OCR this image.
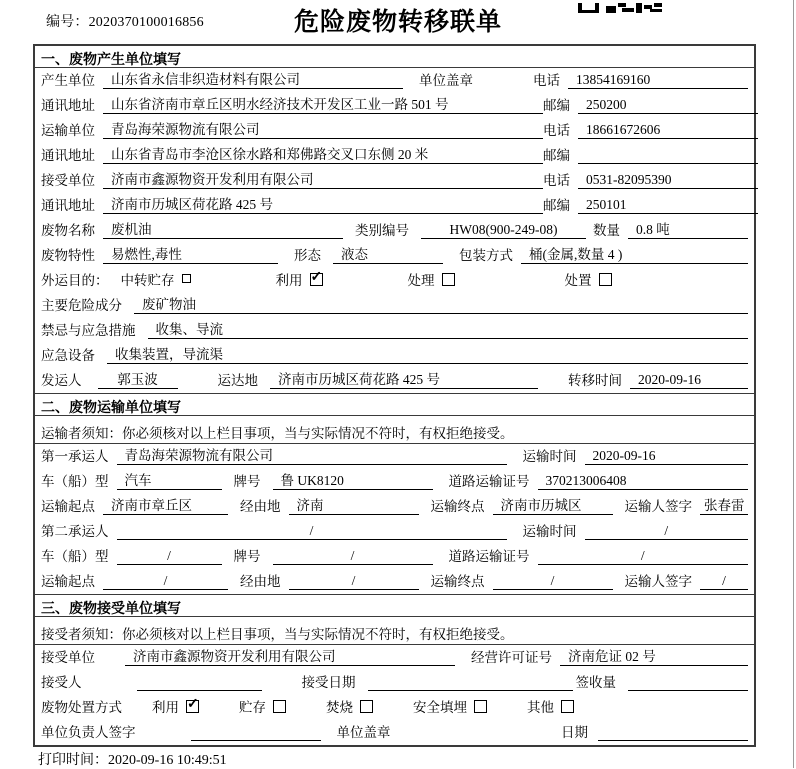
编号：2020370100016856	危险废物转移联单
一、废物产生单位填写
产生单位	山东省永信非织造材料有限公司	单位盖章	电话	13854169160
通讯地址	山东省济南市章丘区明水经济技术开发区工业一路 501 号	邮编	250200
运输单位	青岛海荣源物流有限公司	电话	18661672606
通讯地址	山东省青岛市李沧区徐水路和郑佛路交叉口东侧 20 米	邮编
接受单位	济南市鑫源物资开发利用有限公司	电话	0531-82095390
通讯地址	济南市历城区荷花路 425 号	邮编	250101
废物名称	废机油	类别编号	HW08(900-249-08)	数量	0.8 吨
废物特性	易燃性,毒性	形态	液态	包装方式	桶(金属,数量 4 )
外运目的： 中转贮存	利用 ✓	处理	处置
主要危险成分	废矿物油
禁忌与应急措施	收集、导流
应急设备	收集装置，导流渠
发运人	郭玉波	运达地	济南市历城区荷花路 425 号	转移时间	2020-09-16
二、废物运输单位填写
运输者须知：你必须核对以上栏目事项，当与实际情况不符时，有权拒绝接受。
第一承运人	青岛海荣源物流有限公司	运输时间	2020-09-16
车（船）型	汽车	牌号	鲁 UK8120	道路运输证号	370213006408
运输起点	济南市章丘区	经由地	济南	运输终点	济南市历城区	运输人签字 张春雷
第二承运人	/	运输时间	/
车（船）型	/	牌号	/	道路运输证号	/
运输起点	/	经由地	/	运输终点	/	运输人签字	/
三、废物接受单位填写
接受者须知：你必须核对以上栏目事项，当与实际情况不符时，有权拒绝接受。
接受单位	济南市鑫源物资开发利用有限公司	经营许可证号	济南危证 02 号
接受人	接受日期	签收量
废物处置方式 利用 ✓	贮存	焚烧	安全填埋	其他
单位负责人签字	单位盖章	日期
打印时间：2020-09-16 10:49:51
